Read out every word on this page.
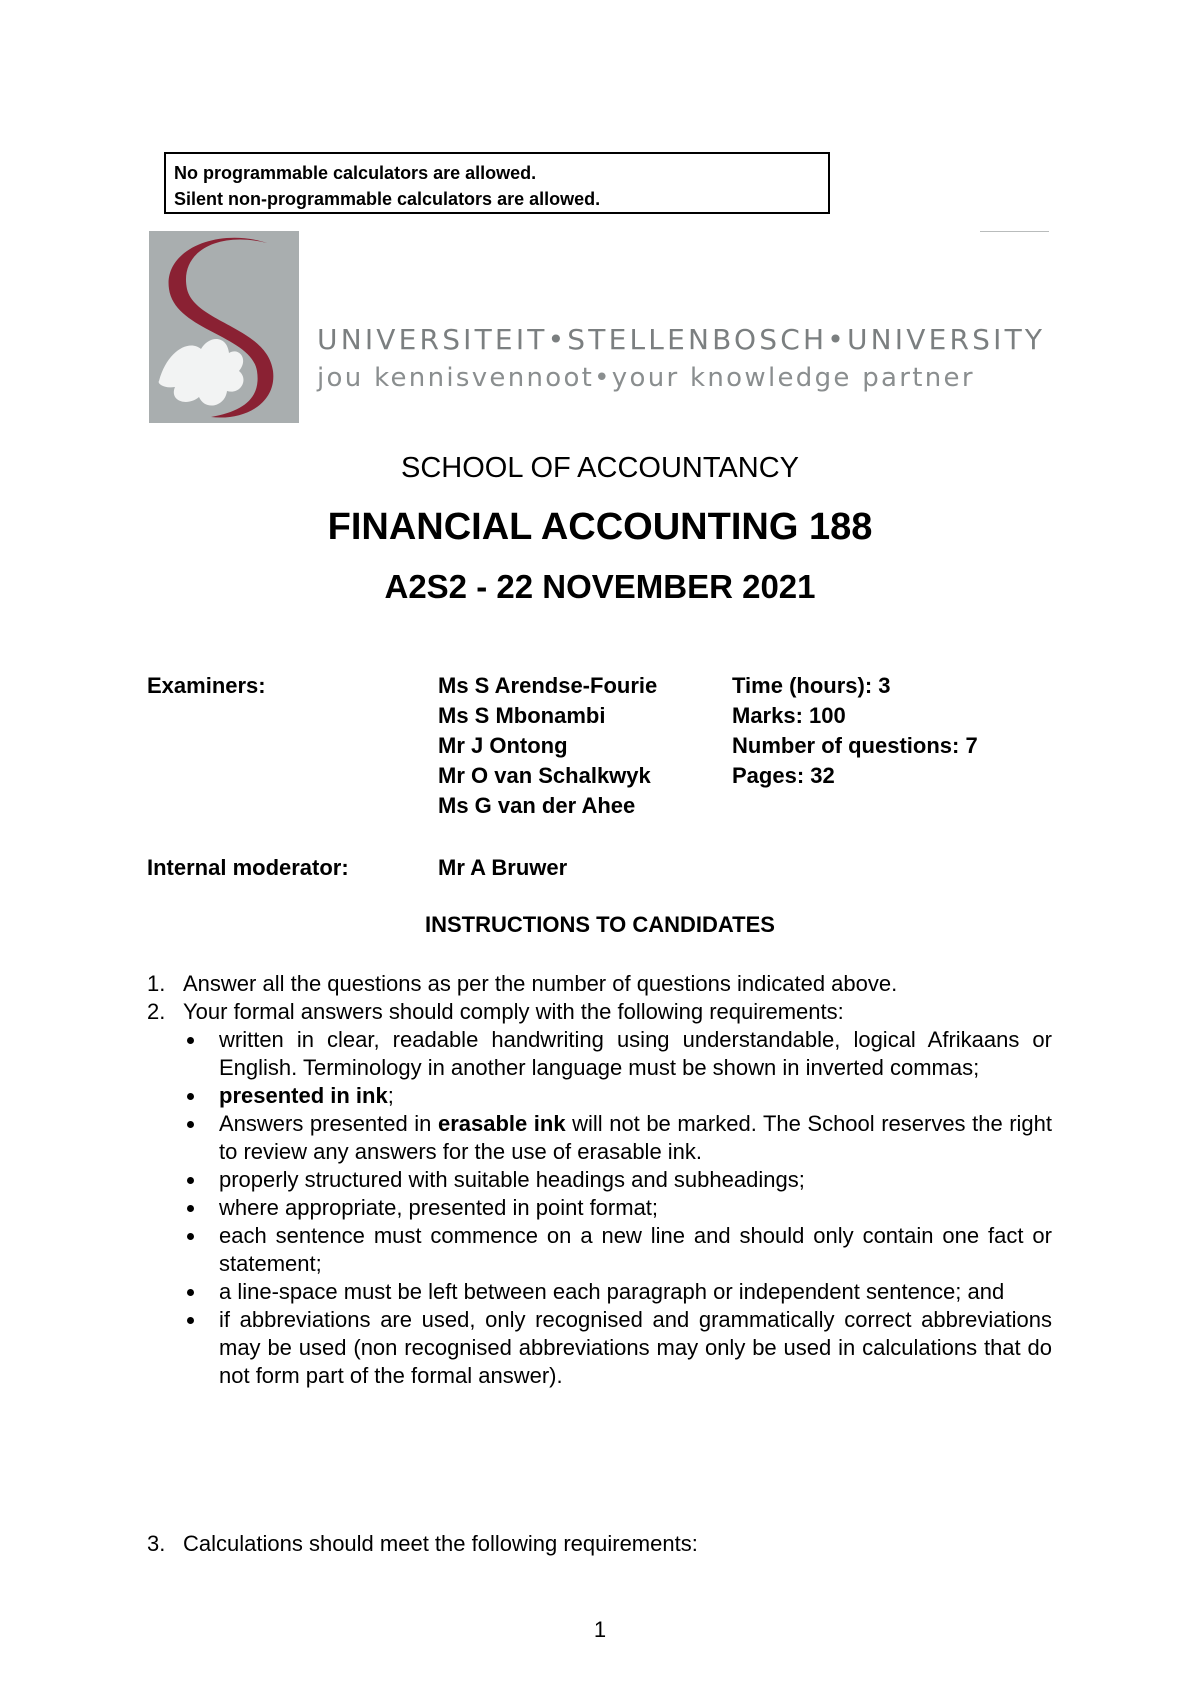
No programmable calculators are allowed.
Silent non-programmable calculators are allowed.
UNIVERSITEIT•STELLENBOSCH•UNIVERSITY
jou kennisvennoot•your knowledge partner
SCHOOL OF ACCOUNTANCY
FINANCIAL ACCOUNTING 188
A2S2 - 22 NOVEMBER 2021
Examiners:	Ms S Arendse-Fourie
Ms S Mbonambi
Mr J Ontong
Mr O van Schalkwyk
Ms G van der Ahee
Time (hours): 3
Marks: 100
Number of questions: 7
Pages: 32
Internal moderator:	Mr A Bruwer
INSTRUCTIONS TO CANDIDATES
1. Answer all the questions as per the number of questions indicated above.
2. Your formal answers should comply with the following requirements:
written in clear, readable handwriting using understandable, logical Afrikaans or English. Terminology in another language must be shown in inverted commas;
presented in ink;
Answers presented in erasable ink will not be marked. The School reserves the right to review any answers for the use of erasable ink.
properly structured with suitable headings and subheadings;
where appropriate, presented in point format;
each sentence must commence on a new line and should only contain one fact or statement;
a line-space must be left between each paragraph or independent sentence; and
if abbreviations are used, only recognised and grammatically correct abbreviations may be used (non recognised abbreviations may only be used in calculations that do not form part of the formal answer).
3. Calculations should meet the following requirements:
1
